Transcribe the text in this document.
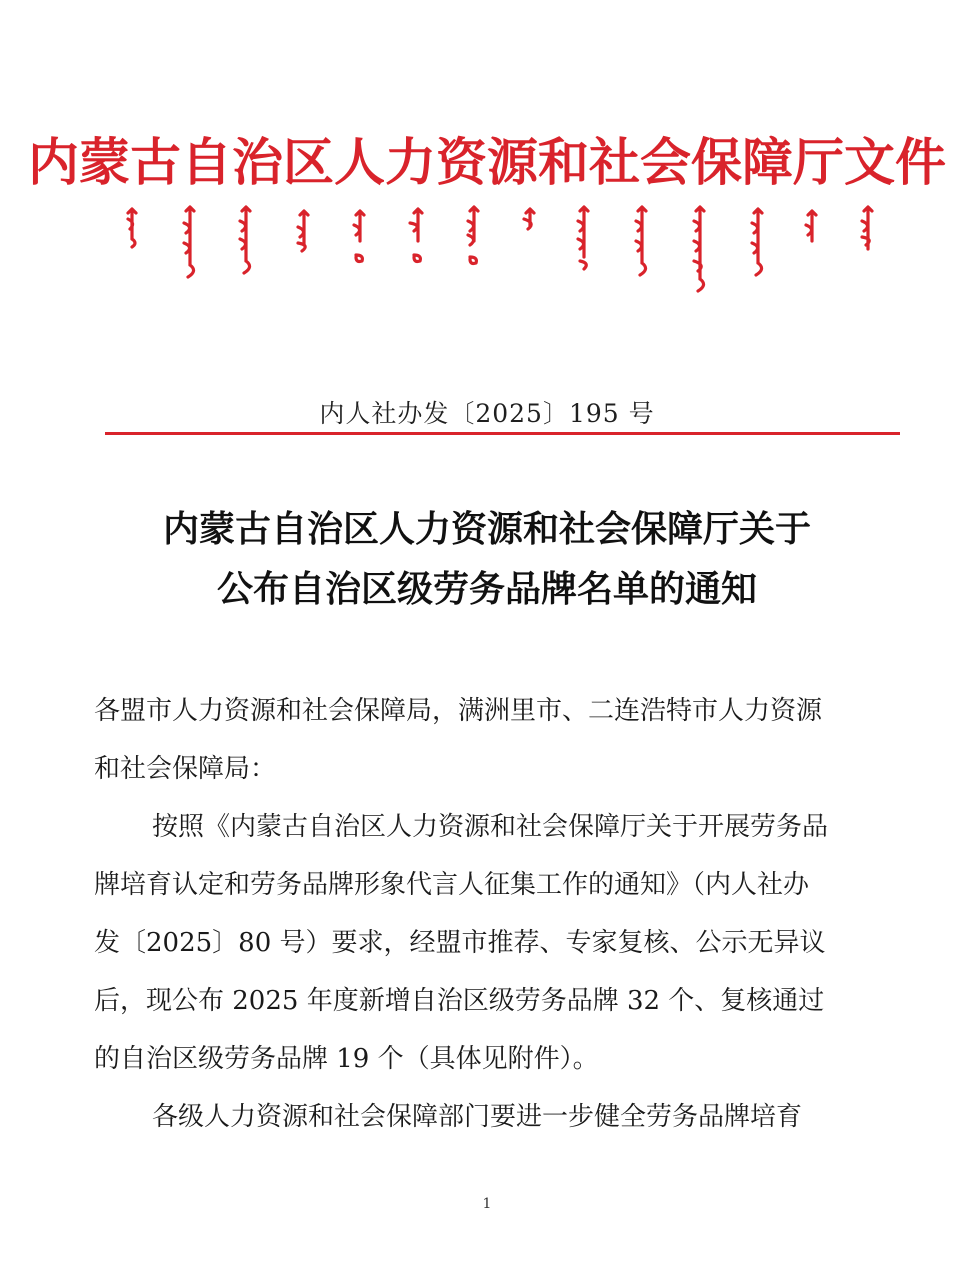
内蒙古自治区人力资源和社会保障厅文件
内人社办发〔2025〕195 号
内蒙古自治区人力资源和社会保障厅关于
公布自治区级劳务品牌名单的通知
各盟市人力资源和社会保障局，满洲里市、二连浩特市人力资源
和社会保障局：
按照《内蒙古自治区人力资源和社会保障厅关于开展劳务品
牌培育认定和劳务品牌形象代言人征集工作的通知》（内人社办
发〔2025〕80 号）要求，经盟市推荐、专家复核、公示无异议
后，现公布 2025 年度新增自治区级劳务品牌 32 个、复核通过
的自治区级劳务品牌 19 个（具体见附件）。
各级人力资源和社会保障部门要进一步健全劳务品牌培育
1
